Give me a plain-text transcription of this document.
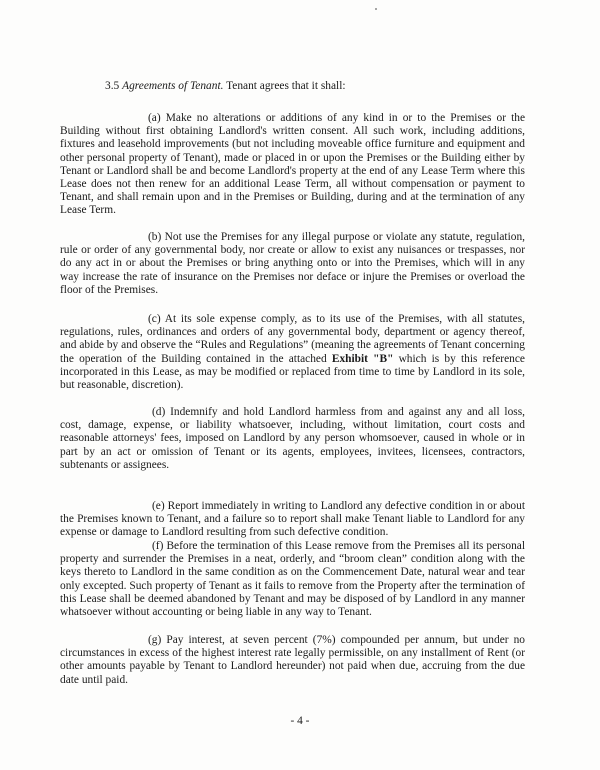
3.5 Agreements of Tenant. Tenant agrees that it shall:
(a) Make no alterations or additions of any kind in or to the Premises or the Building without first obtaining Landlord's written consent. All such work, including additions, fixtures and leasehold improvements (but not including moveable office furniture and equipment and other personal property of Tenant), made or placed in or upon the Premises or the Building either by Tenant or Landlord shall be and become Landlord's property at the end of any Lease Term where this Lease does not then renew for an additional Lease Term, all without compensation or payment to Tenant, and shall remain upon and in the Premises or Building, during and at the termination of any Lease Term.
(b) Not use the Premises for any illegal purpose or violate any statute, regulation, rule or order of any governmental body, nor create or allow to exist any nuisances or trespasses, nor do any act in or about the Premises or bring anything onto or into the Premises, which will in any way increase the rate of insurance on the Premises nor deface or injure the Premises or overload the floor of the Premises.
(c) At its sole expense comply, as to its use of the Premises, with all statutes, regulations, rules, ordinances and orders of any governmental body, department or agency thereof, and abide by and observe the “Rules and Regulations” (meaning the agreements of Tenant concerning the operation of the Building contained in the attached Exhibit "B" which is by this reference incorporated in this Lease, as may be modified or replaced from time to time by Landlord in its sole, but reasonable, discretion).
(d) Indemnify and hold Landlord harmless from and against any and all loss, cost, damage, expense, or liability whatsoever, including, without limitation, court costs and reasonable attorneys' fees, imposed on Landlord by any person whomsoever, caused in whole or in part by an act or omission of Tenant or its agents, employees, invitees, licensees, contractors, subtenants or assignees.
(e) Report immediately in writing to Landlord any defective condition in or about the Premises known to Tenant, and a failure so to report shall make Tenant liable to Landlord for any expense or damage to Landlord resulting from such defective condition.
(f) Before the termination of this Lease remove from the Premises all its personal property and surrender the Premises in a neat, orderly, and “broom clean” condition along with the keys thereto to Landlord in the same condition as on the Commencement Date, natural wear and tear only excepted. Such property of Tenant as it fails to remove from the Property after the termination of this Lease shall be deemed abandoned by Tenant and may be disposed of by Landlord in any manner whatsoever without accounting or being liable in any way to Tenant.
(g) Pay interest, at seven percent (7%) compounded per annum, but under no circumstances in excess of the highest interest rate legally permissible, on any installment of Rent (or other amounts payable by Tenant to Landlord hereunder) not paid when due, accruing from the due date until paid.
- 4 -
